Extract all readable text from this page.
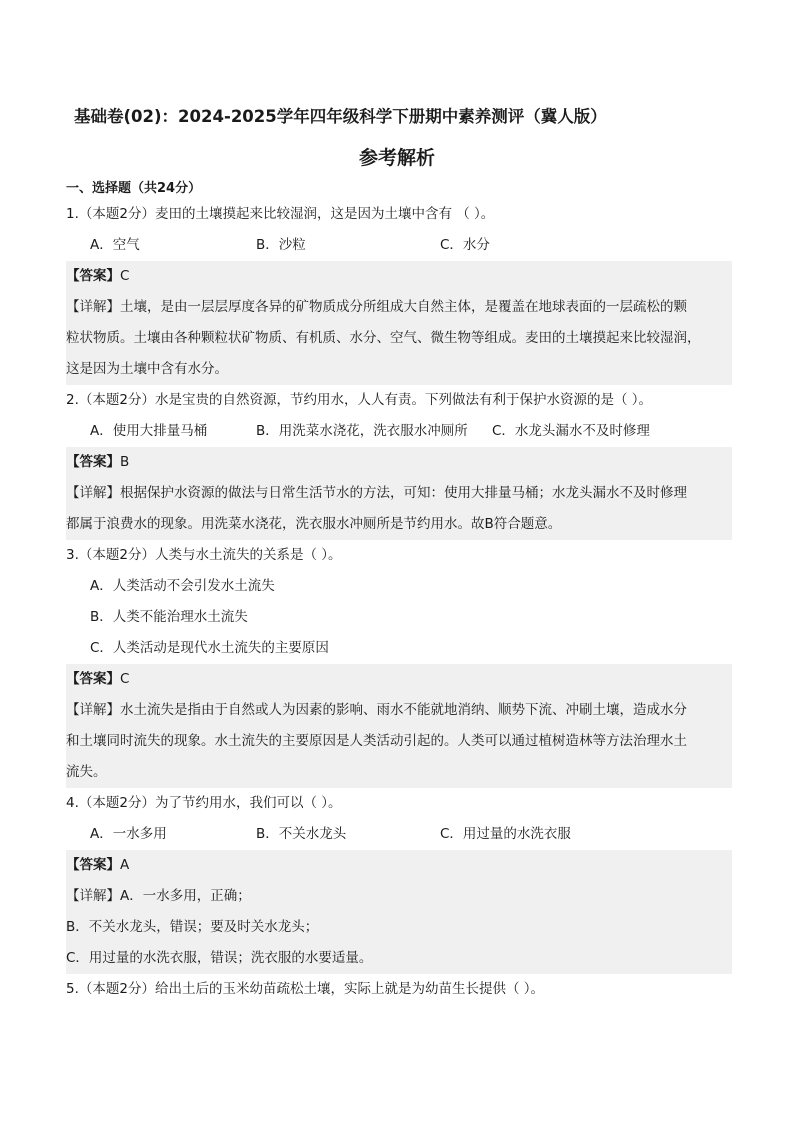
基础卷(02)：2024-2025学年四年级科学下册期中素养测评（冀人版）
参考解析
一、选择题（共24分）
1.（本题2分）麦田的土壤摸起来比较湿润，这是因为土壤中含有 （ ）。
A．空气	B．沙粒	C．水分
【答案】C
【详解】土壤，是由一层层厚度各异的矿物质成分所组成大自然主体，是覆盖在地球表面的一层疏松的颗
粒状物质。土壤由各种颗粒状矿物质、有机质、水分、空气、微生物等组成。麦田的土壤摸起来比较湿润，
这是因为土壤中含有水分。
2.（本题2分）水是宝贵的自然资源，节约用水，人人有责。下列做法有利于保护水资源的是（ ）。
A．使用大排量马桶	B．用洗菜水浇花，洗衣服水冲厕所 C．水龙头漏水不及时修理
【答案】B
【详解】根据保护水资源的做法与日常生活节水的方法，可知：使用大排量马桶；水龙头漏水不及时修理
都属于浪费水的现象。用洗菜水浇花，洗衣服水冲厕所是节约用水。故B符合题意。
3.（本题2分）人类与水土流失的关系是（ ）。
A．人类活动不会引发水土流失
B．人类不能治理水土流失
C．人类活动是现代水土流失的主要原因
【答案】C
【详解】水土流失是指由于自然或人为因素的影响、雨水不能就地消纳、顺势下流、冲刷土壤，造成水分
和土壤同时流失的现象。水土流失的主要原因是人类活动引起的。人类可以通过植树造林等方法治理水土
流失。
4.（本题2分）为了节约用水，我们可以（ ）。
A．一水多用	B．不关水龙头	C．用过量的水洗衣服
【答案】A
【详解】A．一水多用，正确；
B．不关水龙头，错误；要及时关水龙头；
C．用过量的水洗衣服，错误；洗衣服的水要适量。
5.（本题2分）给出土后的玉米幼苗疏松土壤，实际上就是为幼苗生长提供（ ）。
